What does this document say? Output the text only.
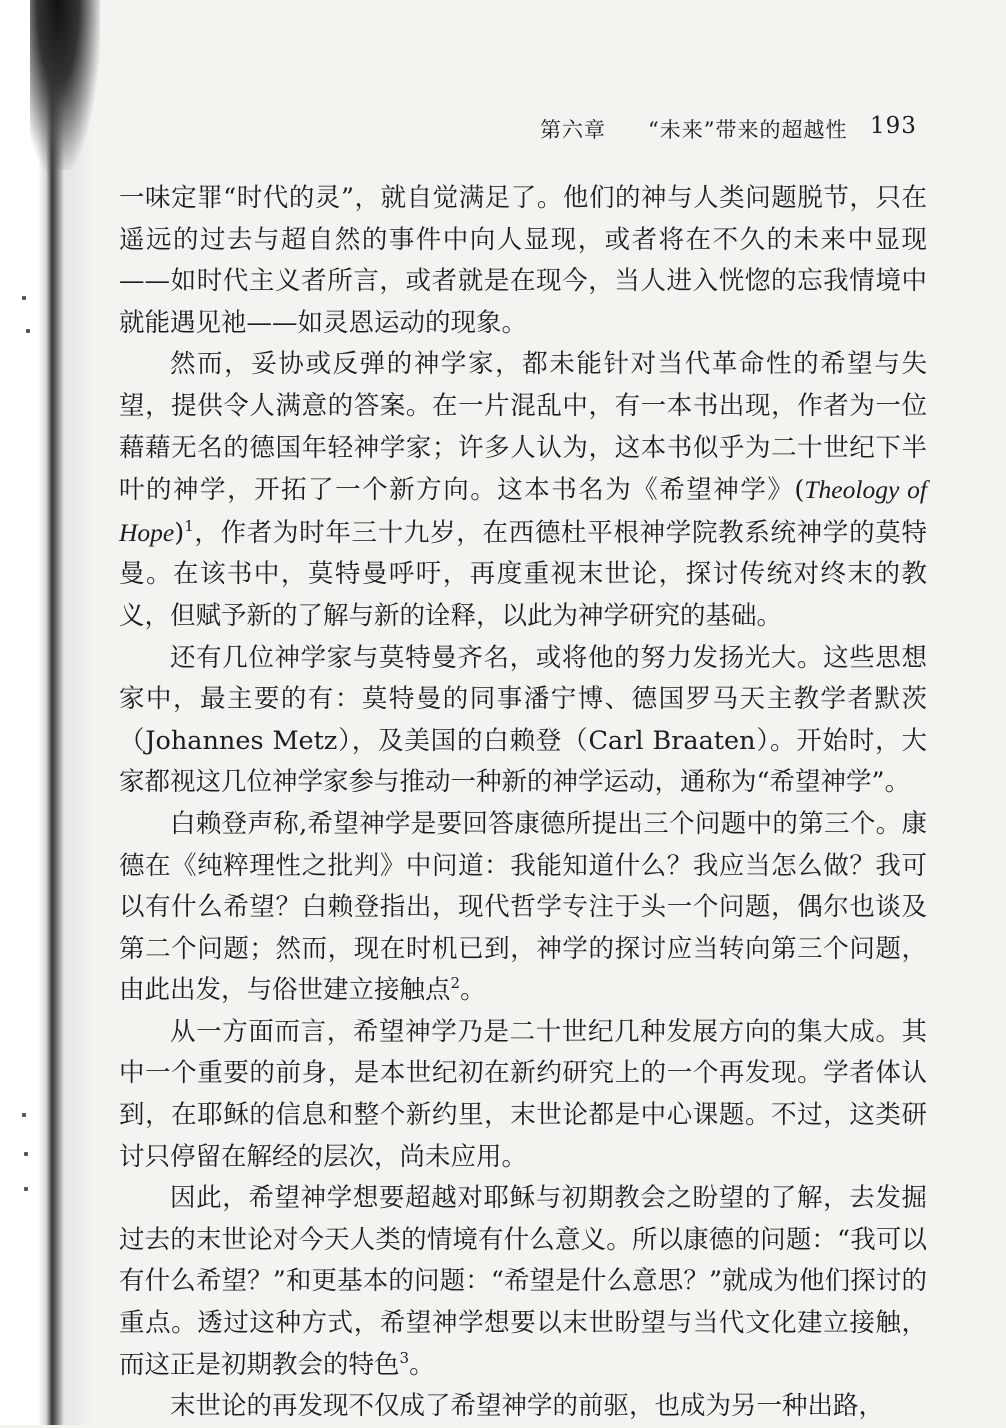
第六章 “未来”带来的超越性 193

一味定罪“时代的灵”，就自觉满足了。他们的神与人类问题脱节，只在遥远的过去与超自然的事件中向人显现，或者将在不久的未来中显现——如时代主义者所言，或者就是在现今，当人进入恍惚的忘我情境中就能遇见祂——如灵恩运动的现象。

然而，妥协或反弹的神学家，都未能针对当代革命性的希望与失望，提供令人满意的答案。在一片混乱中，有一本书出现，作者为一位藉藉无名的德国年轻神学家；许多人认为，这本书似乎为二十世纪下半叶的神学，开拓了一个新方向。这本书名为《希望神学》(Theology of Hope)$^1$，作者为时年三十九岁，在西德杜平根神学院教系统神学的莫特曼。在该书中，莫特曼呼吁，再度重视末世论，探讨传统对终末的教义，但赋予新的了解与新的诠释，以此为神学研究的基础。

还有几位神学家与莫特曼齐名，或将他的努力发扬光大。这些思想家中，最主要的有：莫特曼的同事潘宁博、德国罗马天主教学者默茨（Johannes Metz），及美国的白赖登（Carl Braaten）。开始时，大家都视这几位神学家参与推动一种新的神学运动，通称为“希望神学”。

白赖登声称,希望神学是要回答康德所提出三个问题中的第三个。康德在《纯粹理性之批判》中问道：我能知道什么？我应当怎么做？我可以有什么希望？白赖登指出，现代哲学专注于头一个问题，偶尔也谈及第二个问题；然而，现在时机已到，神学的探讨应当转向第三个问题，由此出发，与俗世建立接触点$^2$。

从一方面而言，希望神学乃是二十世纪几种发展方向的集大成。其中一个重要的前身，是本世纪初在新约研究上的一个再发现。学者体认到，在耶稣的信息和整个新约里，末世论都是中心课题。不过，这类研讨只停留在解经的层次，尚未应用。

因此，希望神学想要超越对耶稣与初期教会之盼望的了解，去发掘过去的末世论对今天人类的情境有什么意义。所以康德的问题：“我可以有什么希望？”和更基本的问题：“希望是什么意思？”就成为他们探讨的重点。透过这种方式，希望神学想要以末世盼望与当代文化建立接触，而这正是初期教会的特色$^3$。

末世论的再发现不仅成了希望神学的前驱，也成为另一种出路，
